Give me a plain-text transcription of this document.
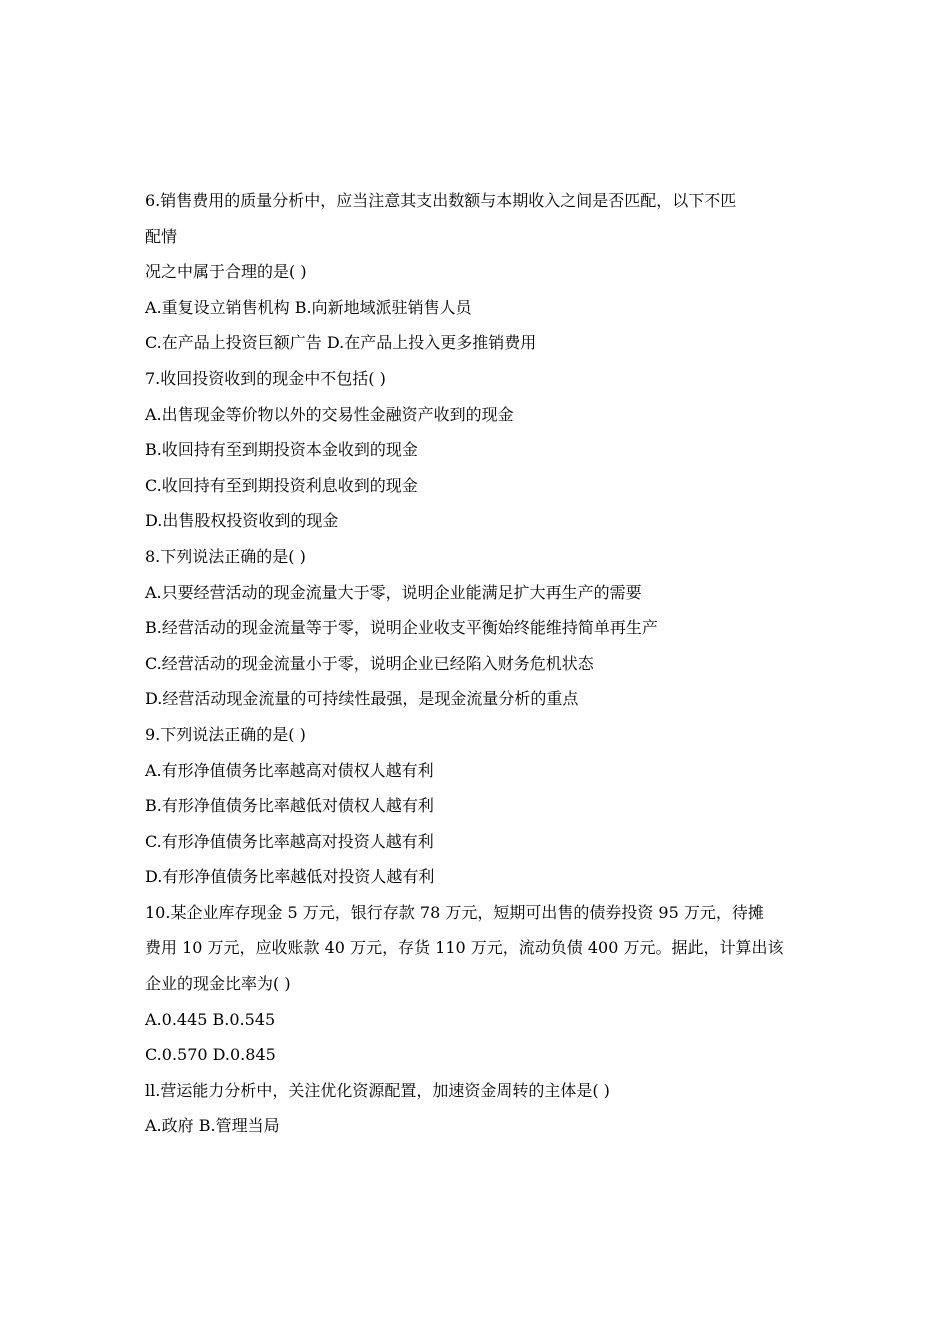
6.销售费用的质量分析中，应当注意其支出数额与本期收入之间是否匹配，以下不匹

配情

况之中属于合理的是( )

A.重复设立销售机构 B.向新地域派驻销售人员

C.在产品上投资巨额广告 D.在产品上投入更多推销费用

7.收回投资收到的现金中不包括( )

A.出售现金等价物以外的交易性金融资产收到的现金

B.收回持有至到期投资本金收到的现金

C.收回持有至到期投资利息收到的现金

D.出售股权投资收到的现金

8.下列说法正确的是( )

A.只要经营活动的现金流量大于零，说明企业能满足扩大再生产的需要

B.经营活动的现金流量等于零，说明企业收支平衡始终能维持简单再生产

C.经营活动的现金流量小于零，说明企业已经陷入财务危机状态

D.经营活动现金流量的可持续性最强，是现金流量分析的重点

9.下列说法正确的是( )

A.有形净值债务比率越高对债权人越有利

B.有形净值债务比率越低对债权人越有利

C.有形净值债务比率越高对投资人越有利

D.有形净值债务比率越低对投资人越有利

10.某企业库存现金 5 万元，银行存款 78 万元，短期可出售的债券投资 95 万元，待摊

费用 10 万元，应收账款 40 万元，存货 110 万元，流动负债 400 万元。据此，计算出该

企业的现金比率为( )

A.0.445 B.0.545

C.0.570 D.0.845

ll.营运能力分析中，关注优化资源配置，加速资金周转的主体是( )

A.政府 B.管理当局
